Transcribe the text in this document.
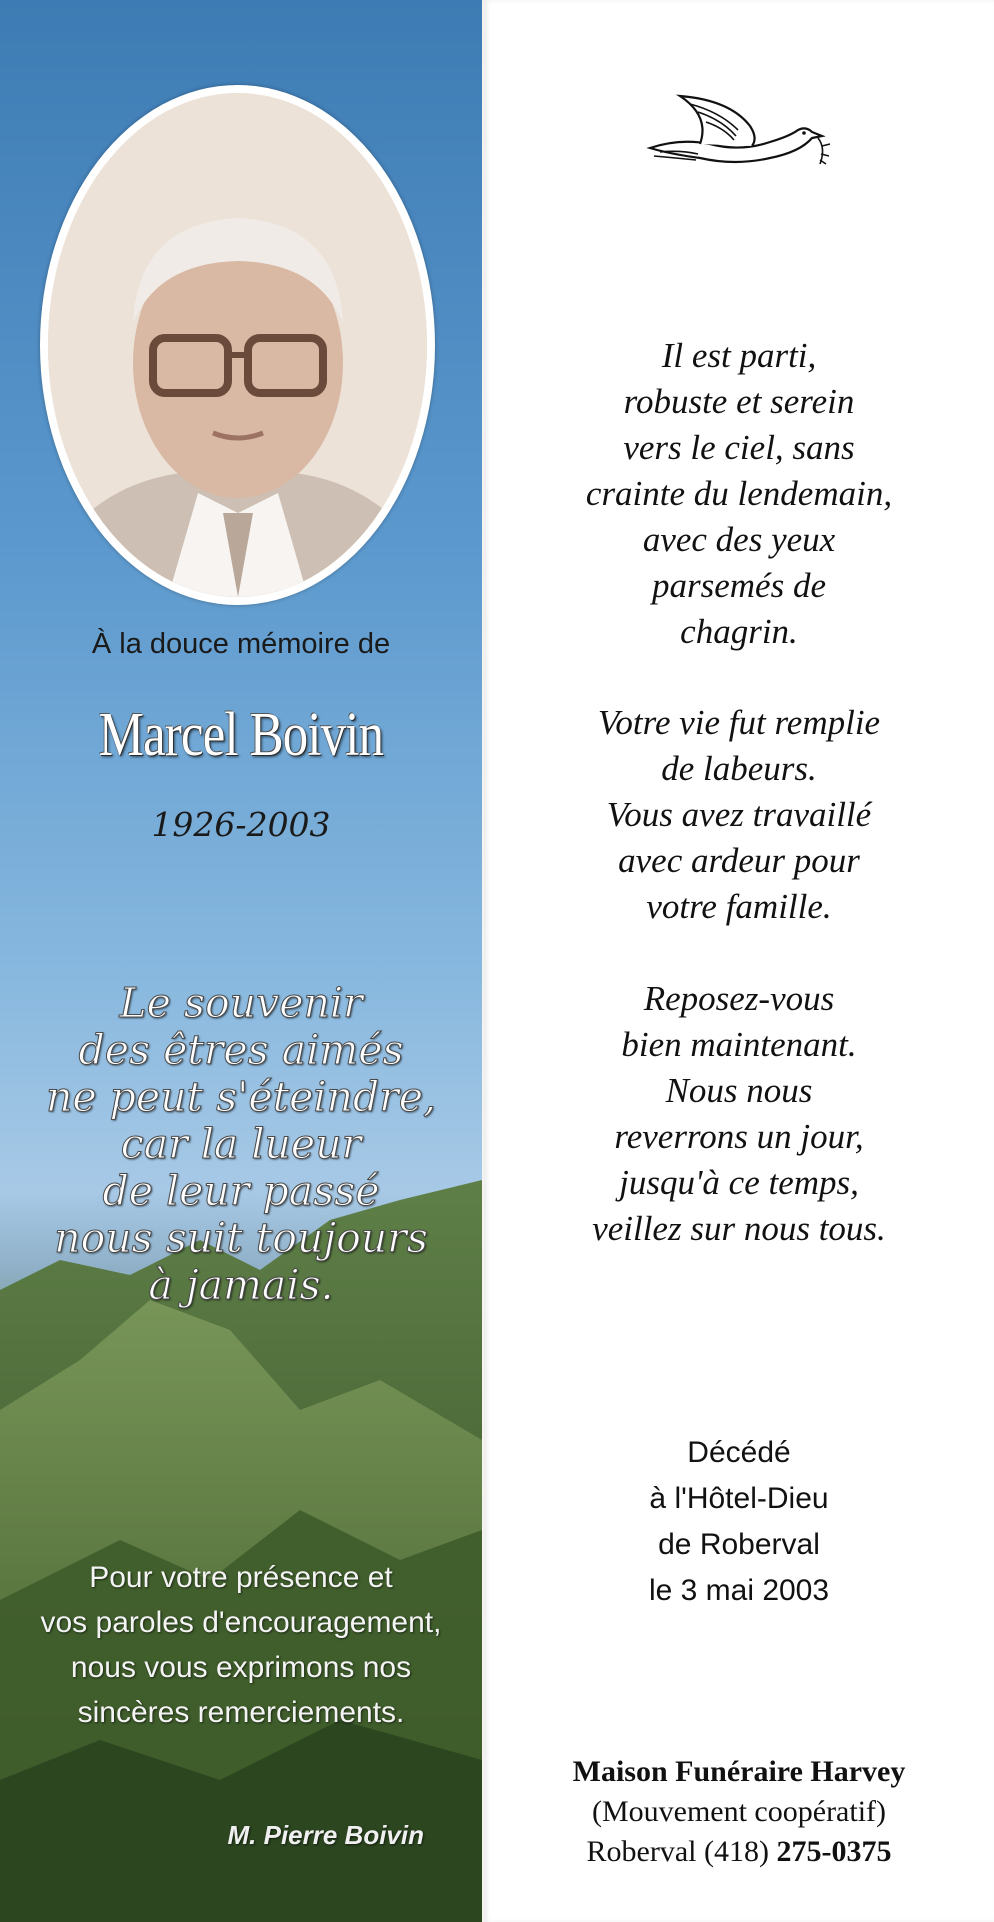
À la douce mémoire de
Marcel Boivin
1926-2003
Le souvenir
des êtres aimés
ne peut s'éteindre,
car la lueur
de leur passé
nous suit toujours
à jamais.
Pour votre présence et
vos paroles d'encouragement,
nous vous exprimons nos
sincères remerciements.
M. Pierre Boivin
Il est parti,
robuste et serein
vers le ciel, sans
crainte du lendemain,
avec des yeux
parsemés de
chagrin.
Votre vie fut remplie
de labeurs.
Vous avez travaillé
avec ardeur pour
votre famille.
Reposez-vous
bien maintenant.
Nous nous
reverrons un jour,
jusqu'à ce temps,
veillez sur nous tous.
Décédé
à l'Hôtel-Dieu
de Roberval
le 3 mai 2003
Maison Funéraire Harvey
(Mouvement coopératif)
Roberval (418) 275-0375
